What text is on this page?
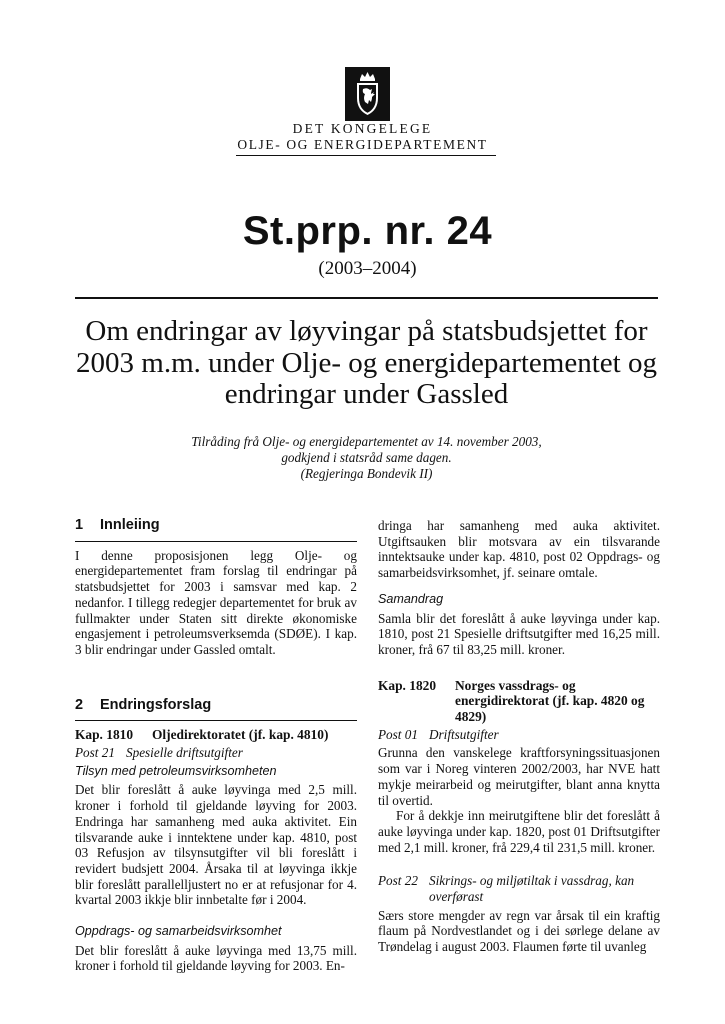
DET KONGELEGE
OLJE- OG ENERGIDEPARTEMENT
St.prp. nr. 24
(2003–2004)
Om endringar av løyvingar på statsbudsjettet for 2003 m.m. under Olje- og energidepartementet og endringar under Gassled
Tilråding frå Olje- og energidepartementet av 14. november 2003,
godkjend i statsråd same dagen.
(Regjeringa Bondevik II)
1 Innleiing

I denne proposisjonen legg Olje- og energidepartementet fram forslag til endringar på statsbudsjettet for 2003 i samsvar med kap. 2 nedanfor. I tillegg redegjer departementet for bruk av fullmakter under Staten sitt direkte økonomiske engasjement i petroleumsverksemda (SDØE). I kap. 3 blir endringar under Gassled omtalt.

2 Endringsforslag
Kap. 1810	Oljedirektoratet (jf. kap. 4810)
Post 21 Spesielle driftsutgifter
Tilsyn med petroleumsvirksomheten

Det blir foreslått å auke løyvinga med 2,5 mill. kroner i forhold til gjeldande løyving for 2003. Endringa har samanheng med auka aktivitet. Ein tilsvarande auke i inntektene under kap. 4810, post 03 Refusjon av tilsynsutgifter vil bli foreslått i revidert budsjett 2004. Årsaka til at løyvinga ikkje blir foreslått parallelljustert no er at refusjonar for 4. kvartal 2003 ikkje blir innbetalte før i 2004.

Oppdrags- og samarbeidsvirksomhet

Det blir foreslått å auke løyvinga med 13,75 mill. kroner i forhold til gjeldande løyving for 2003. En-

dringa har samanheng med auka aktivitet. Utgiftsauken blir motsvara av ein tilsvarande inntektsauke under kap. 4810, post 02 Oppdrags- og samarbeidsvirksomhet, jf. seinare omtale.

Samandrag

Samla blir det foreslått å auke løyvinga under kap. 1810, post 21 Spesielle driftsutgifter med 16,25 mill. kroner, frå 67 til 83,25 mill. kroner.

Kap. 1820	Norges vassdrags- og energidirektorat (jf. kap. 4820 og 4829)
Post 01 Driftsutgifter

Grunna den vanskelege kraftforsyningssituasjonen som var i Noreg vinteren 2002/2003, har NVE hatt mykje meirarbeid og meirutgifter, blant anna knytta til overtid.

For å dekkje inn meirutgiftene blir det foreslått å auke løyvinga under kap. 1820, post 01 Driftsutgifter med 2,1 mill. kroner, frå 229,4 til 231,5 mill. kroner.

Post 22 Sikrings- og miljøtiltak i vassdrag, kan overførast

Særs store mengder av regn var årsak til ein kraftig flaum på Nordvestlandet og i dei sørlege delane av Trøndelag i august 2003. Flaumen førte til uvanleg
